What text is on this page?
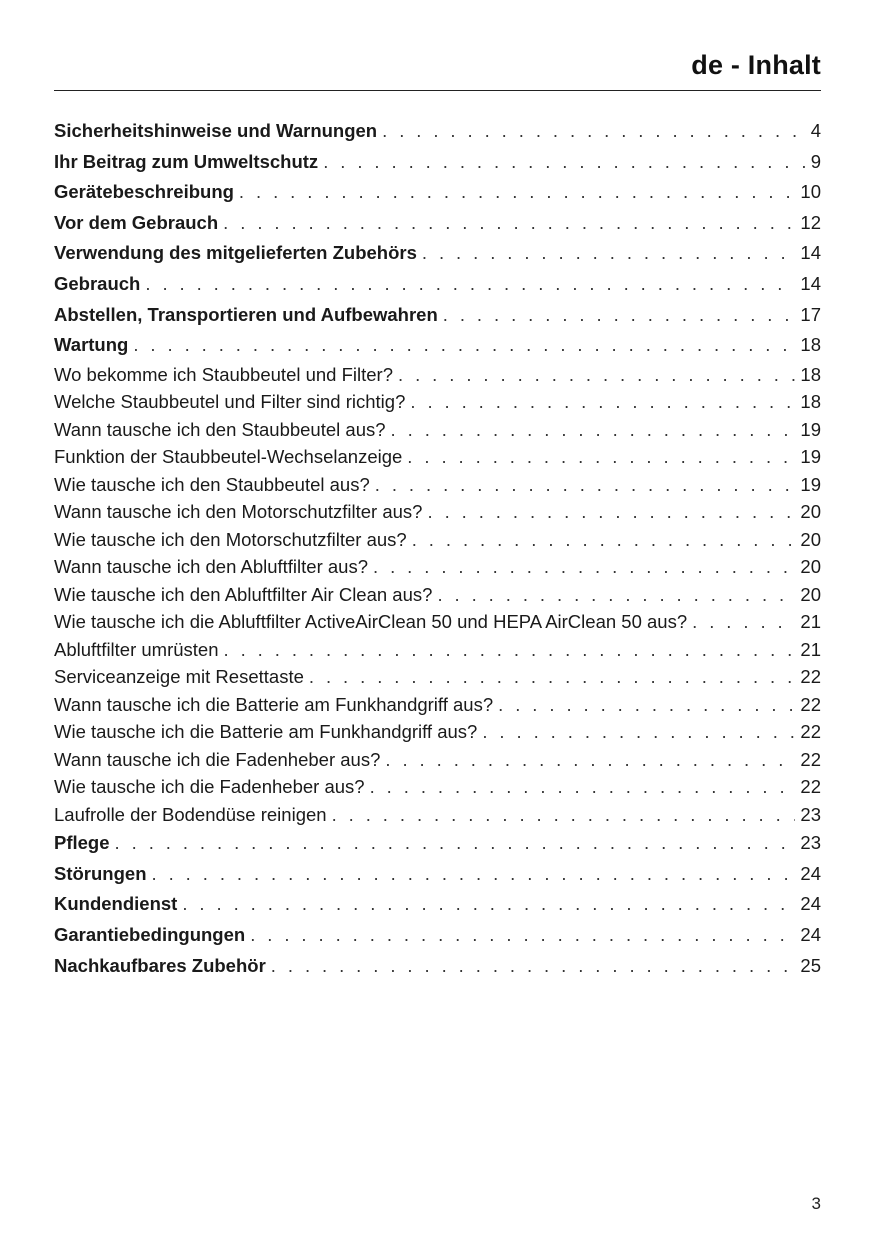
de - Inhalt
Sicherheitshinweise und Warnungen . . .	4
Ihr Beitrag zum Umweltschutz . . .	9
Gerätebeschreibung . . .	10
Vor dem Gebrauch . . .	12
Verwendung des mitgelieferten Zubehörs . . .	14
Gebrauch . . .	14
Abstellen, Transportieren und Aufbewahren . . .	17
Wartung . . .	18
Wo bekomme ich Staubbeutel und Filter? . . .	18
Welche Staubbeutel und Filter sind richtig? . . .	18
Wann tausche ich den Staubbeutel aus? . . .	19
Funktion der Staubbeutel-Wechselanzeige . . .	19
Wie tausche ich den Staubbeutel aus? . . .	19
Wann tausche ich den Motorschutzfilter aus? . . .	20
Wie tausche ich den Motorschutzfilter aus? . . .	20
Wann tausche ich den Abluftfilter aus? . . .	20
Wie tausche ich den Abluftfilter Air Clean aus? . . .	20
Wie tausche ich die Abluftfilter ActiveAirClean 50 und HEPA AirClean 50 aus? . . .	21
Abluftfilter umrüsten . . .	21
Serviceanzeige mit Resettaste . . .	22
Wann tausche ich die Batterie am Funkhandgriff aus? . . .	22
Wie tausche ich die Batterie am Funkhandgriff aus? . . .	22
Wann tausche ich die Fadenheber aus? . . .	22
Wie tausche ich die Fadenheber aus? . . .	22
Laufrolle der Bodendüse reinigen . . .	23
Pflege . . .	23
Störungen . . .	24
Kundendienst . . .	24
Garantiebedingungen . . .	24
Nachkaufbares Zubehör . . .	25
3
